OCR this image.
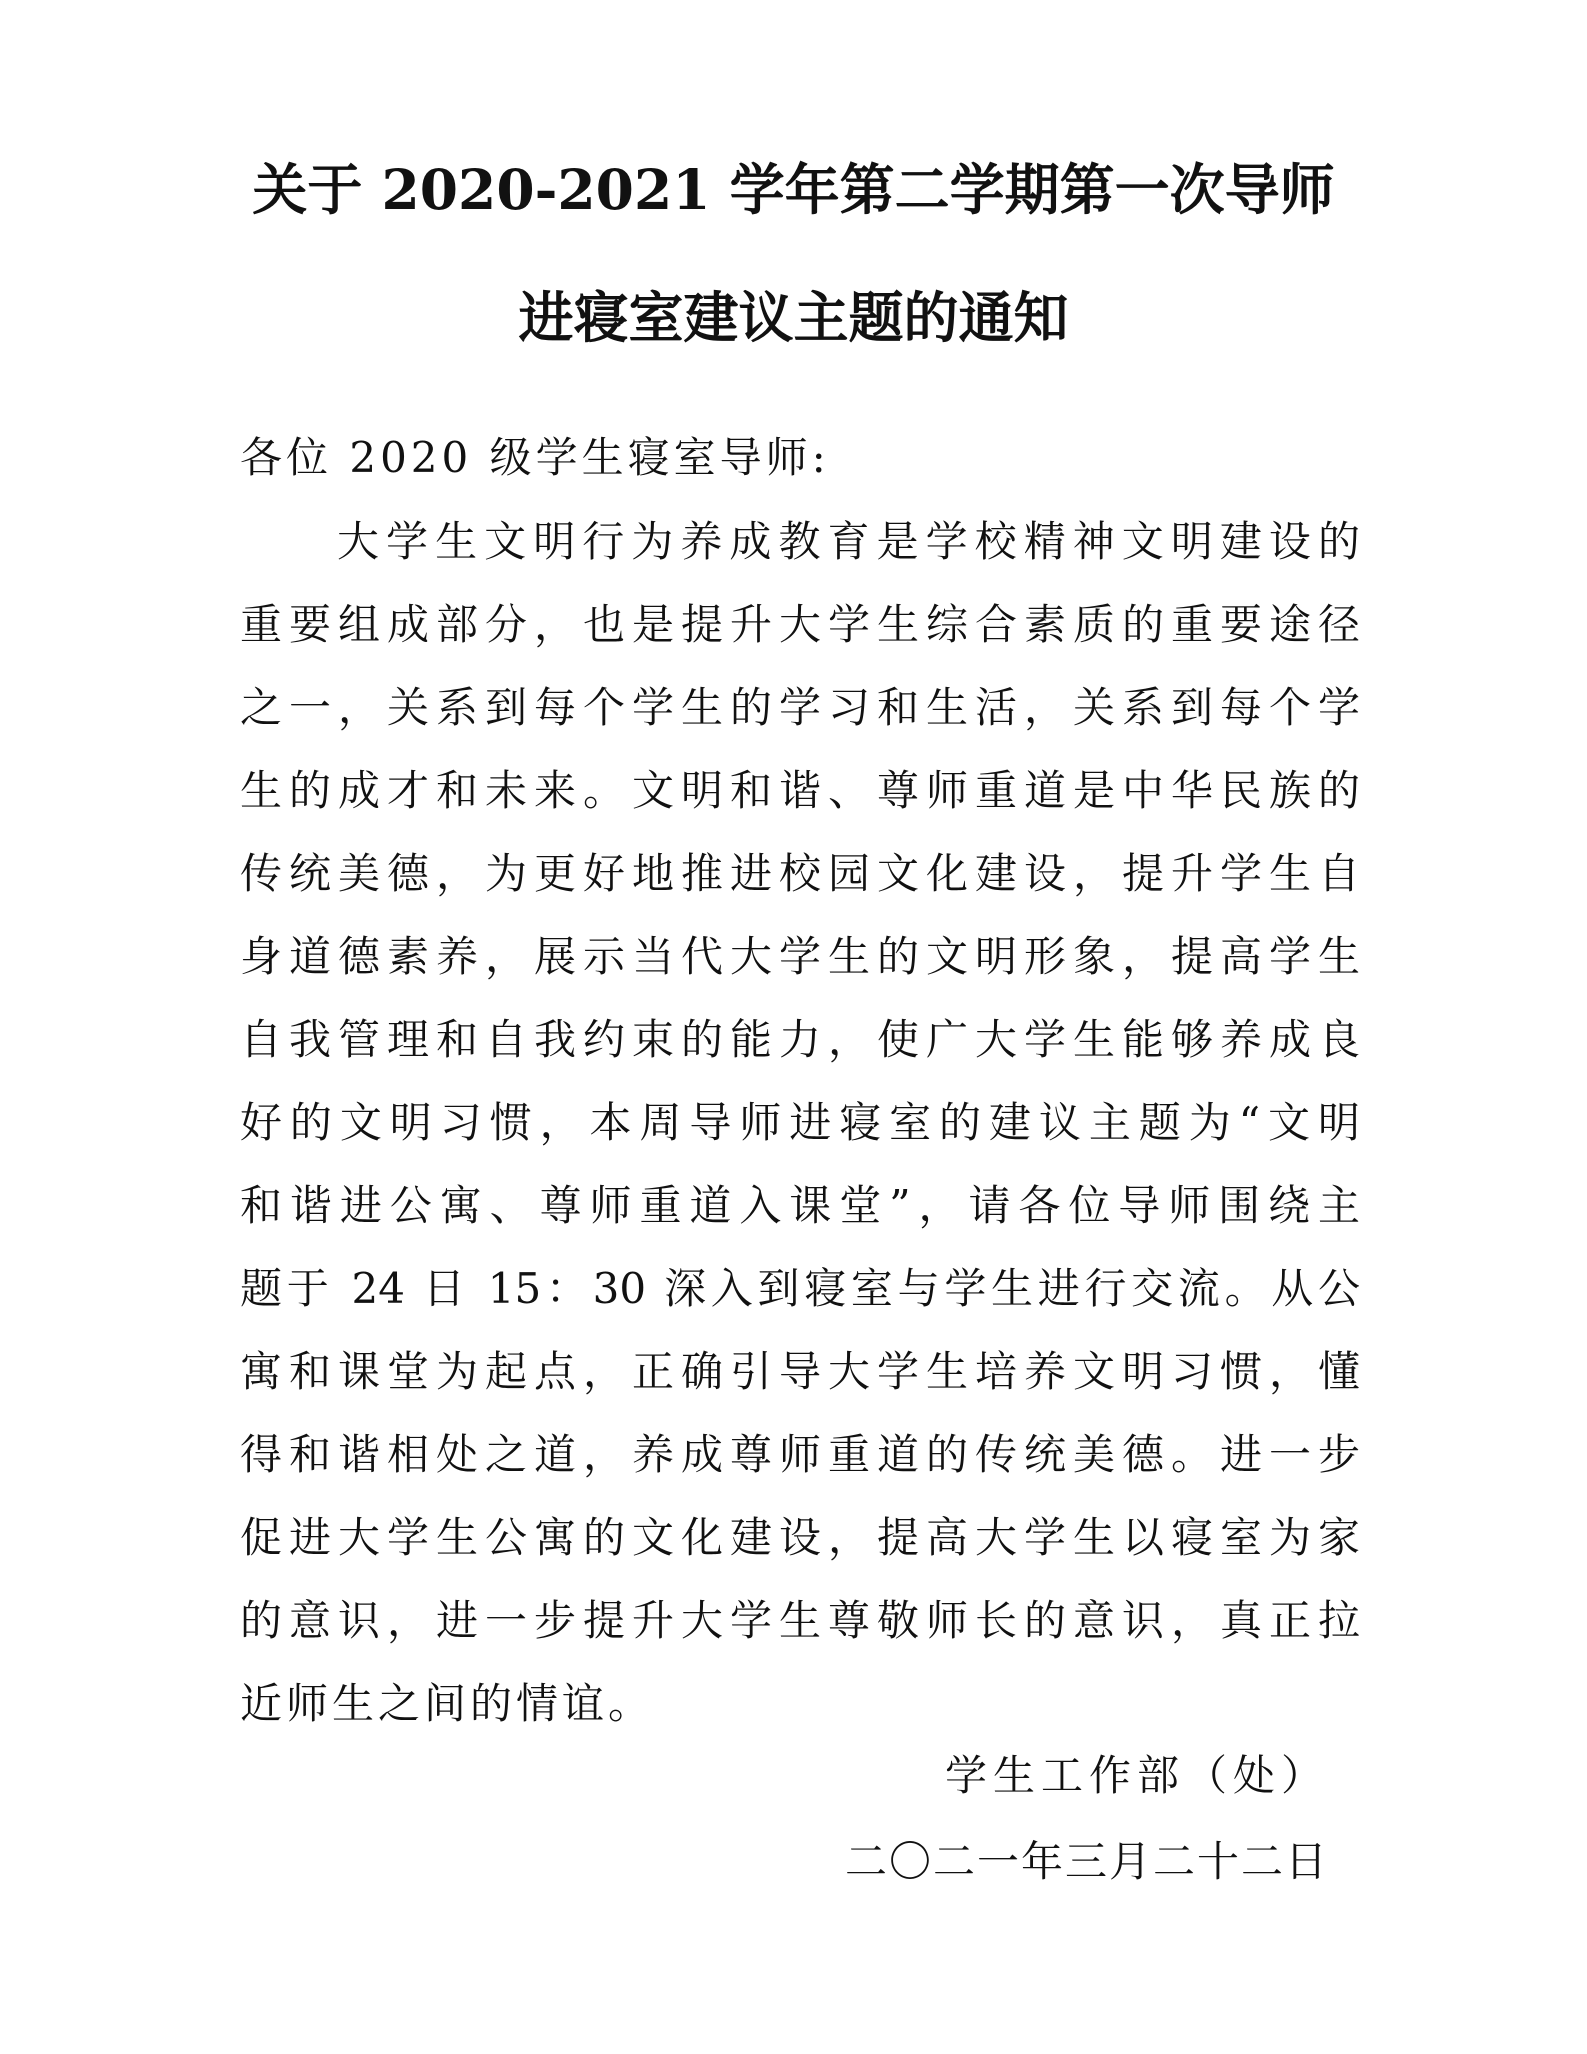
关于 2020-2021 学年第二学期第一次导师
进寝室建议主题的通知
各位 2020 级学生寝室导师:
大学生文明行为养成教育是学校精神文明建设的
重要组成部分，也是提升大学生综合素质的重要途径
之一，关系到每个学生的学习和生活，关系到每个学
生的成才和未来。文明和谐、尊师重道是中华民族的
传统美德，为更好地推进校园文化建设，提升学生自
身道德素养，展示当代大学生的文明形象，提高学生
自我管理和自我约束的能力，使广大学生能够养成良
好的文明习惯，本周导师进寝室的建议主题为“文明
和谐进公寓、尊师重道入课堂”，请各位导师围绕主
题于 24 日 15：30 深入到寝室与学生进行交流。从公
寓和课堂为起点，正确引导大学生培养文明习惯，懂
得和谐相处之道，养成尊师重道的传统美德。进一步
促进大学生公寓的文化建设，提高大学生以寝室为家
的意识，进一步提升大学生尊敬师长的意识，真正拉
近师生之间的情谊。
学生工作部（处）
二〇二一年三月二十二日
